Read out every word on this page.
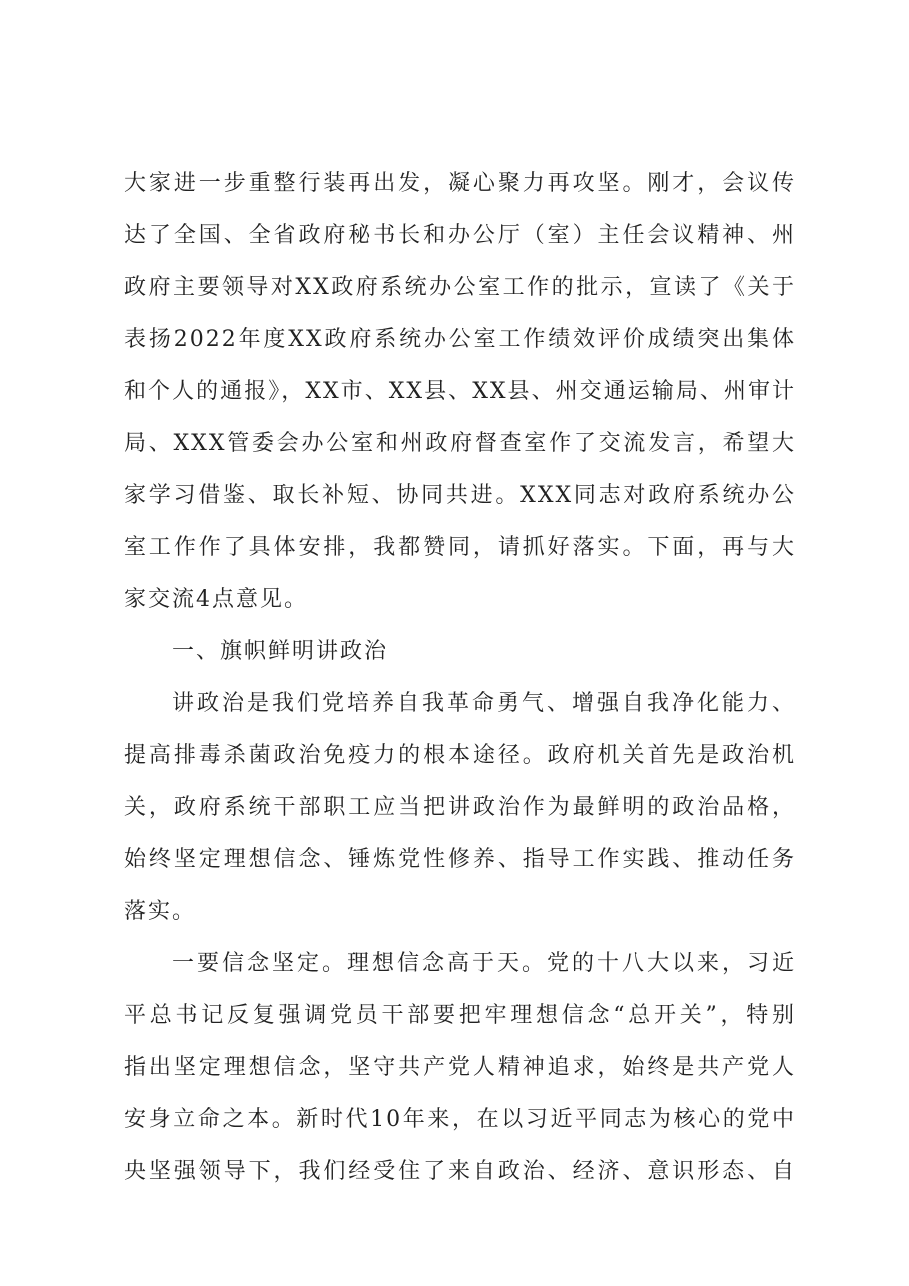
大家进一步重整行装再出发，凝心聚力再攻坚。刚才，会议传
达了全国、全省政府秘书长和办公厅（室）主任会议精神、州
政府主要领导对XX政府系统办公室工作的批示，宣读了《关于
表扬2022年度XX政府系统办公室工作绩效评价成绩突出集体
和个人的通报》，XX市、XX县、XX县、州交通运输局、州审计
局、XXX管委会办公室和州政府督查室作了交流发言，希望大
家学习借鉴、取长补短、协同共进。XXX同志对政府系统办公
室工作作了具体安排，我都赞同，请抓好落实。下面，再与大
家交流4点意见。
一、旗帜鲜明讲政治
讲政治是我们党培养自我革命勇气、增强自我净化能力、
提高排毒杀菌政治免疫力的根本途径。政府机关首先是政治机
关，政府系统干部职工应当把讲政治作为最鲜明的政治品格，
始终坚定理想信念、锤炼党性修养、指导工作实践、推动任务
落实。
一要信念坚定。理想信念高于天。党的十八大以来，习近
平总书记反复强调党员干部要把牢理想信念“总开关”，特别
指出坚定理想信念，坚守共产党人精神追求，始终是共产党人
安身立命之本。新时代10年来，在以习近平同志为核心的党中
央坚强领导下，我们经受住了来自政治、经济、意识形态、自
